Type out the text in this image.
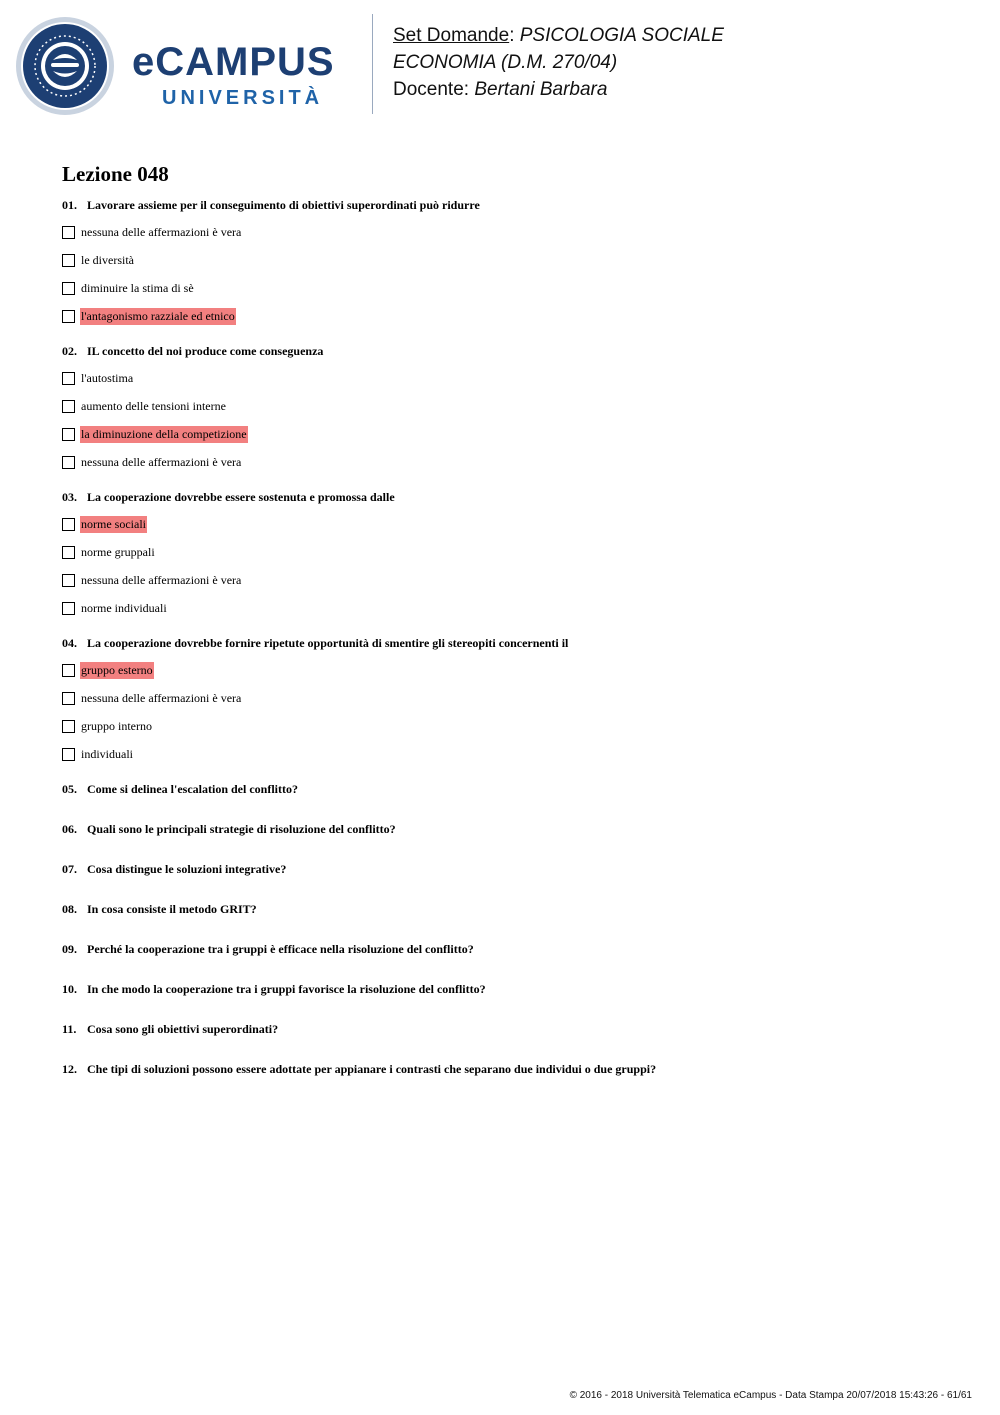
eCAMPUS
UNIVERSITÀ
Set Domande: PSICOLOGIA SOCIALE
ECONOMIA (D.M. 270/04)
Docente: Bertani Barbara
Lezione 048
01. Lavorare assieme per il conseguimento di obiettivi superordinati può ridurre
nessuna delle affermazioni è vera
le diversità
diminuire la stima di sè
l'antagonismo razziale ed etnico
02. IL concetto del noi produce come conseguenza
l'autostima
aumento delle tensioni interne
la diminuzione della competizione
nessuna delle affermazioni è vera
03. La cooperazione dovrebbe essere sostenuta e promossa dalle
norme sociali
norme gruppali
nessuna delle affermazioni è vera
norme individuali
04. La cooperazione dovrebbe fornire ripetute opportunità di smentire gli stereopiti concernenti il
gruppo esterno
nessuna delle affermazioni è vera
gruppo interno
individuali
05. Come si delinea l'escalation del conflitto?
06. Quali sono le principali strategie di risoluzione del conflitto?
07. Cosa distingue le soluzioni integrative?
08. In cosa consiste il metodo GRIT?
09. Perché la cooperazione tra i gruppi è efficace nella risoluzione del conflitto?
10. In che modo la cooperazione tra i gruppi favorisce la risoluzione del conflitto?
11. Cosa sono gli obiettivi superordinati?
12. Che tipi di soluzioni possono essere adottate per appianare i contrasti che separano due individui o due gruppi?
© 2016 - 2018 Università Telematica eCampus - Data Stampa 20/07/2018 15:43:26 - 61/61
